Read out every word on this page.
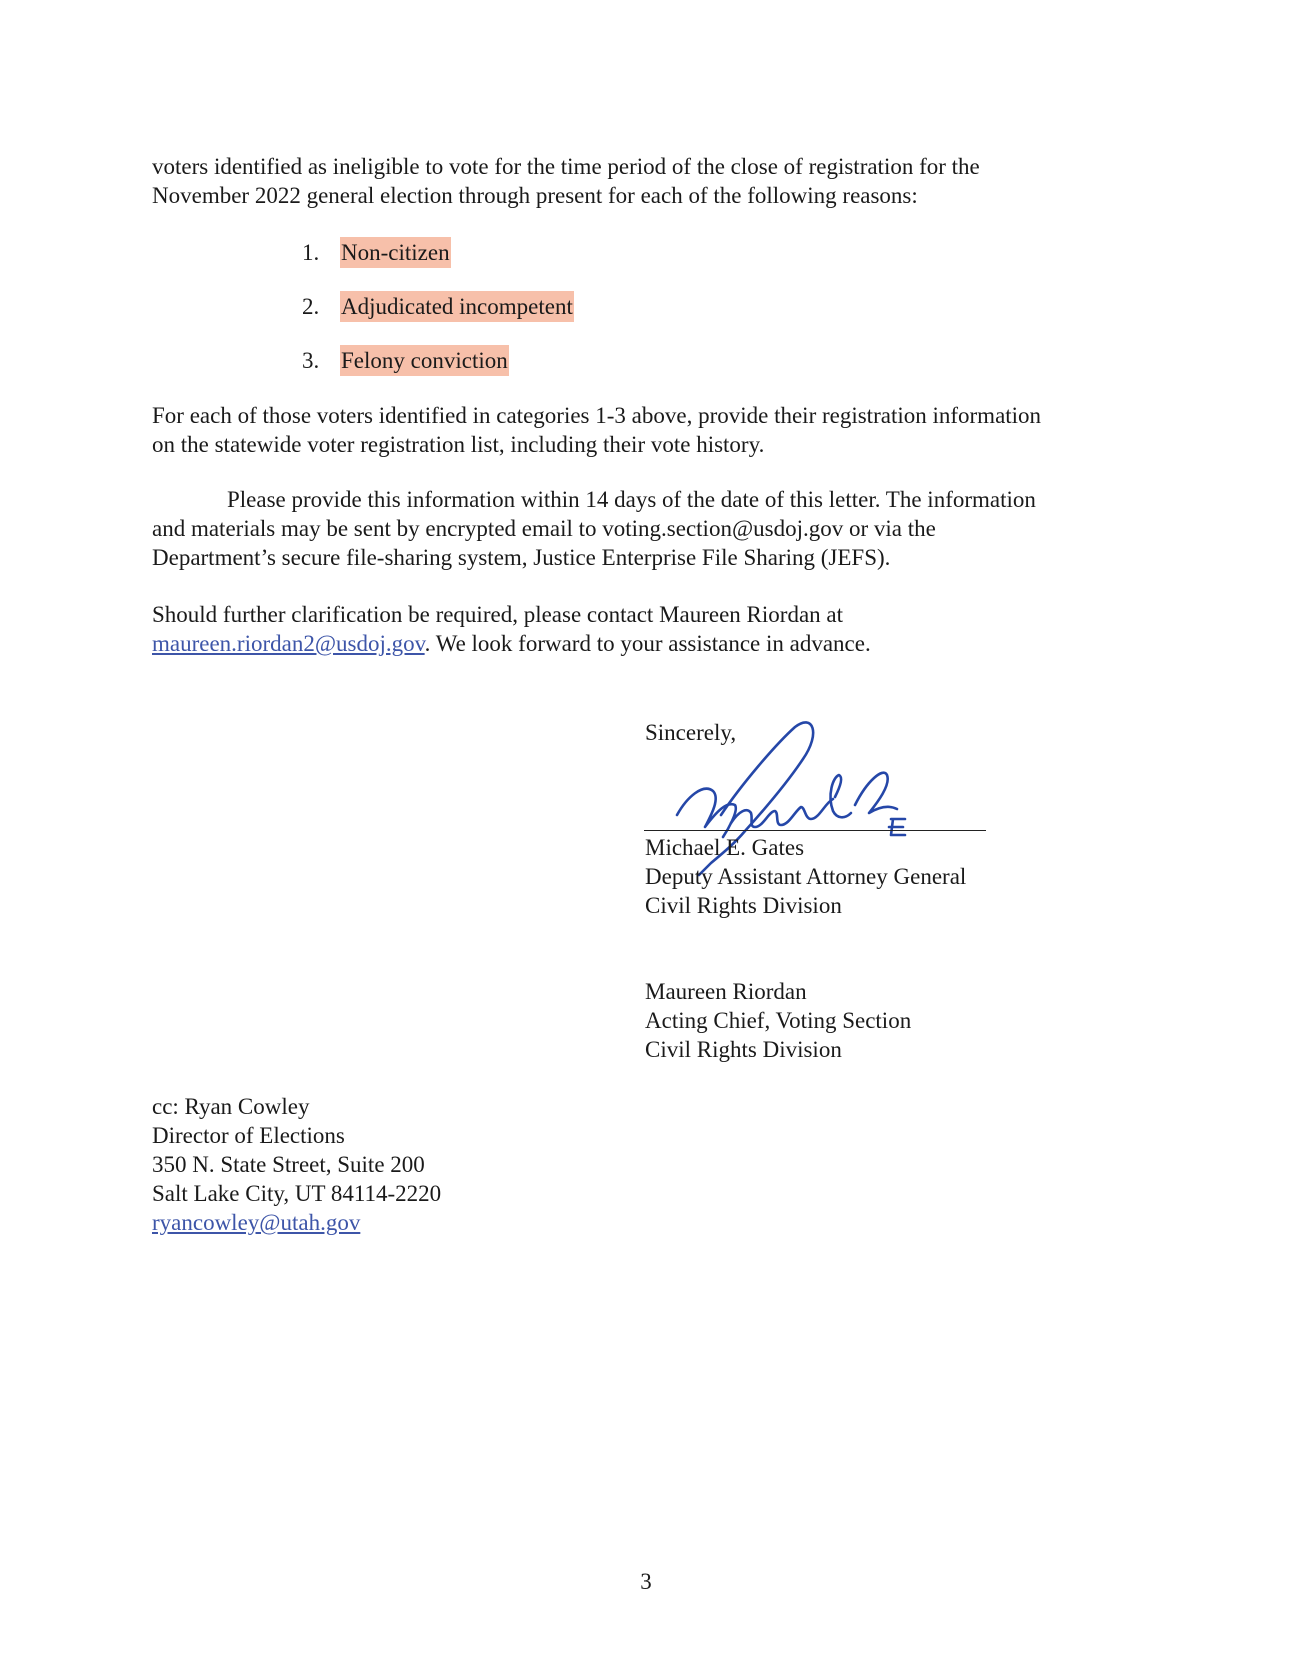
voters identified as ineligible to vote for the time period of the close of registration for the
November 2022 general election through present for each of the following reasons:
1. Non-citizen
2. Adjudicated incompetent
3. Felony conviction
For each of those voters identified in categories 1-3 above, provide their registration information
on the statewide voter registration list, including their vote history.
Please provide this information within 14 days of the date of this letter. The information
and materials may be sent by encrypted email to voting.section@usdoj.gov or via the
Department’s secure file-sharing system, Justice Enterprise File Sharing (JEFS).
Should further clarification be required, please contact Maureen Riordan at
maureen.riordan2@usdoj.gov. We look forward to your assistance in advance.
Sincerely,
Michael E. Gates
Deputy Assistant Attorney General
Civil Rights Division
Maureen Riordan
Acting Chief, Voting Section
Civil Rights Division
cc: Ryan Cowley
Director of Elections
350 N. State Street, Suite 200
Salt Lake City, UT 84114-2220
ryancowley@utah.gov
3
